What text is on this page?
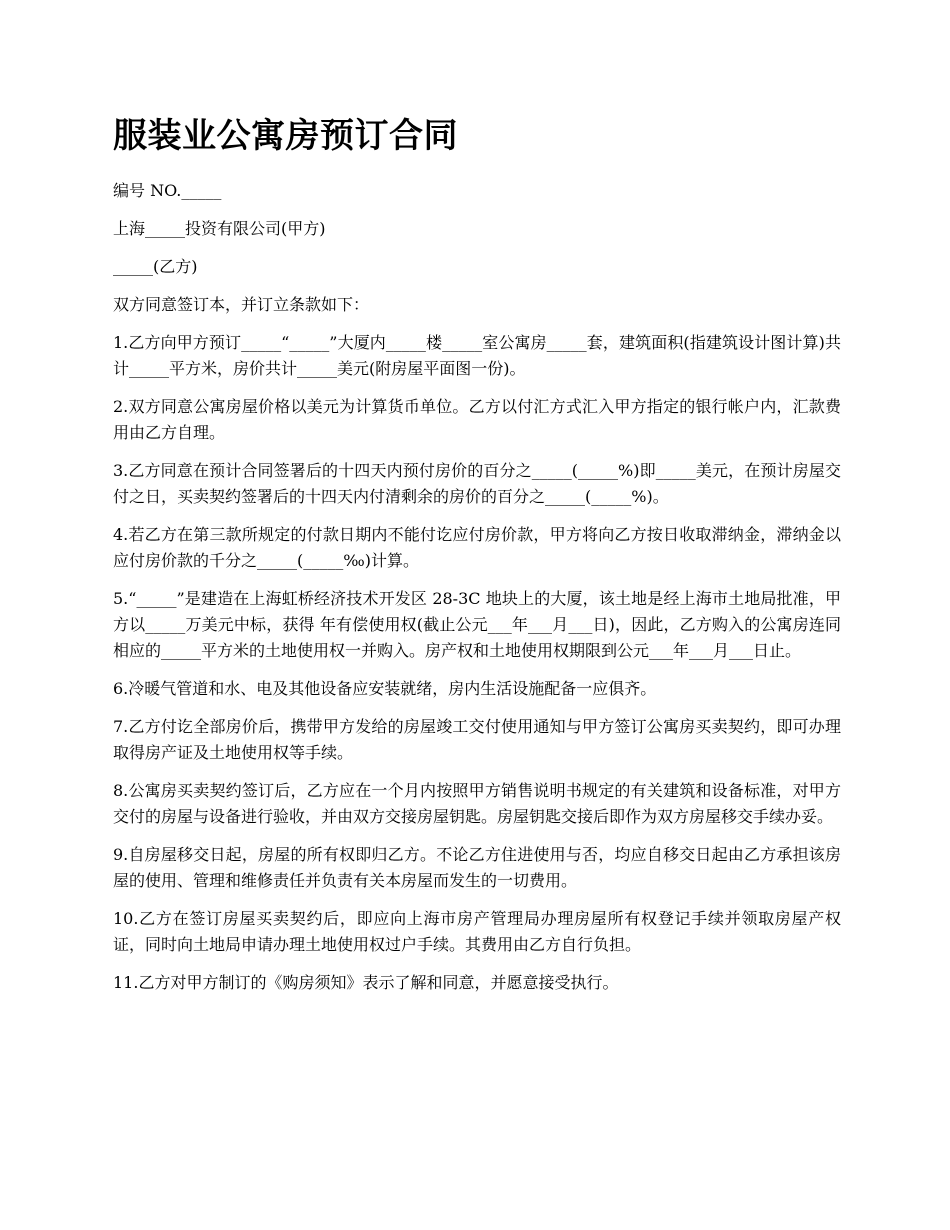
服装业公寓房预订合同

编号 NO._____

上海_____投资有限公司(甲方)

_____(乙方)

双方同意签订本，并订立条款如下：

1.乙方向甲方预订_____“_____”大厦内_____楼_____室公寓房_____套，建筑面积(指建筑设计图计算)共计_____平方米，房价共计_____美元(附房屋平面图一份)。

2.双方同意公寓房屋价格以美元为计算货币单位。乙方以付汇方式汇入甲方指定的银行帐户内，汇款费用由乙方自理。

3.乙方同意在预计合同签署后的十四天内预付房价的百分之_____(_____%)即_____美元，在预计房屋交付之日，买卖契约签署后的十四天内付清剩余的房价的百分之_____(_____%)。

4.若乙方在第三款所规定的付款日期内不能付讫应付房价款，甲方将向乙方按日收取滞纳金，滞纳金以应付房价款的千分之_____(_____‰)计算。

5.“_____”是建造在上海虹桥经济技术开发区 28-3C 地块上的大厦，该土地是经上海市土地局批准，甲方以_____万美元中标，获得 年有偿使用权(截止公元___年___月___日)，因此，乙方购入的公寓房连同相应的_____平方米的土地使用权一并购入。房产权和土地使用权期限到公元___年___月___日止。

6.冷暖气管道和水、电及其他设备应安装就绪，房内生活设施配备一应俱齐。

7.乙方付讫全部房价后，携带甲方发给的房屋竣工交付使用通知与甲方签订公寓房买卖契约，即可办理取得房产证及土地使用权等手续。

8.公寓房买卖契约签订后，乙方应在一个月内按照甲方销售说明书规定的有关建筑和设备标准，对甲方交付的房屋与设备进行验收，并由双方交接房屋钥匙。房屋钥匙交接后即作为双方房屋移交手续办妥。

9.自房屋移交日起，房屋的所有权即归乙方。不论乙方住进使用与否，均应自移交日起由乙方承担该房屋的使用、管理和维修责任并负责有关本房屋而发生的一切费用。

10.乙方在签订房屋买卖契约后，即应向上海市房产管理局办理房屋所有权登记手续并领取房屋产权证，同时向土地局申请办理土地使用权过户手续。其费用由乙方自行负担。

11.乙方对甲方制订的《购房须知》表示了解和同意，并愿意接受执行。
